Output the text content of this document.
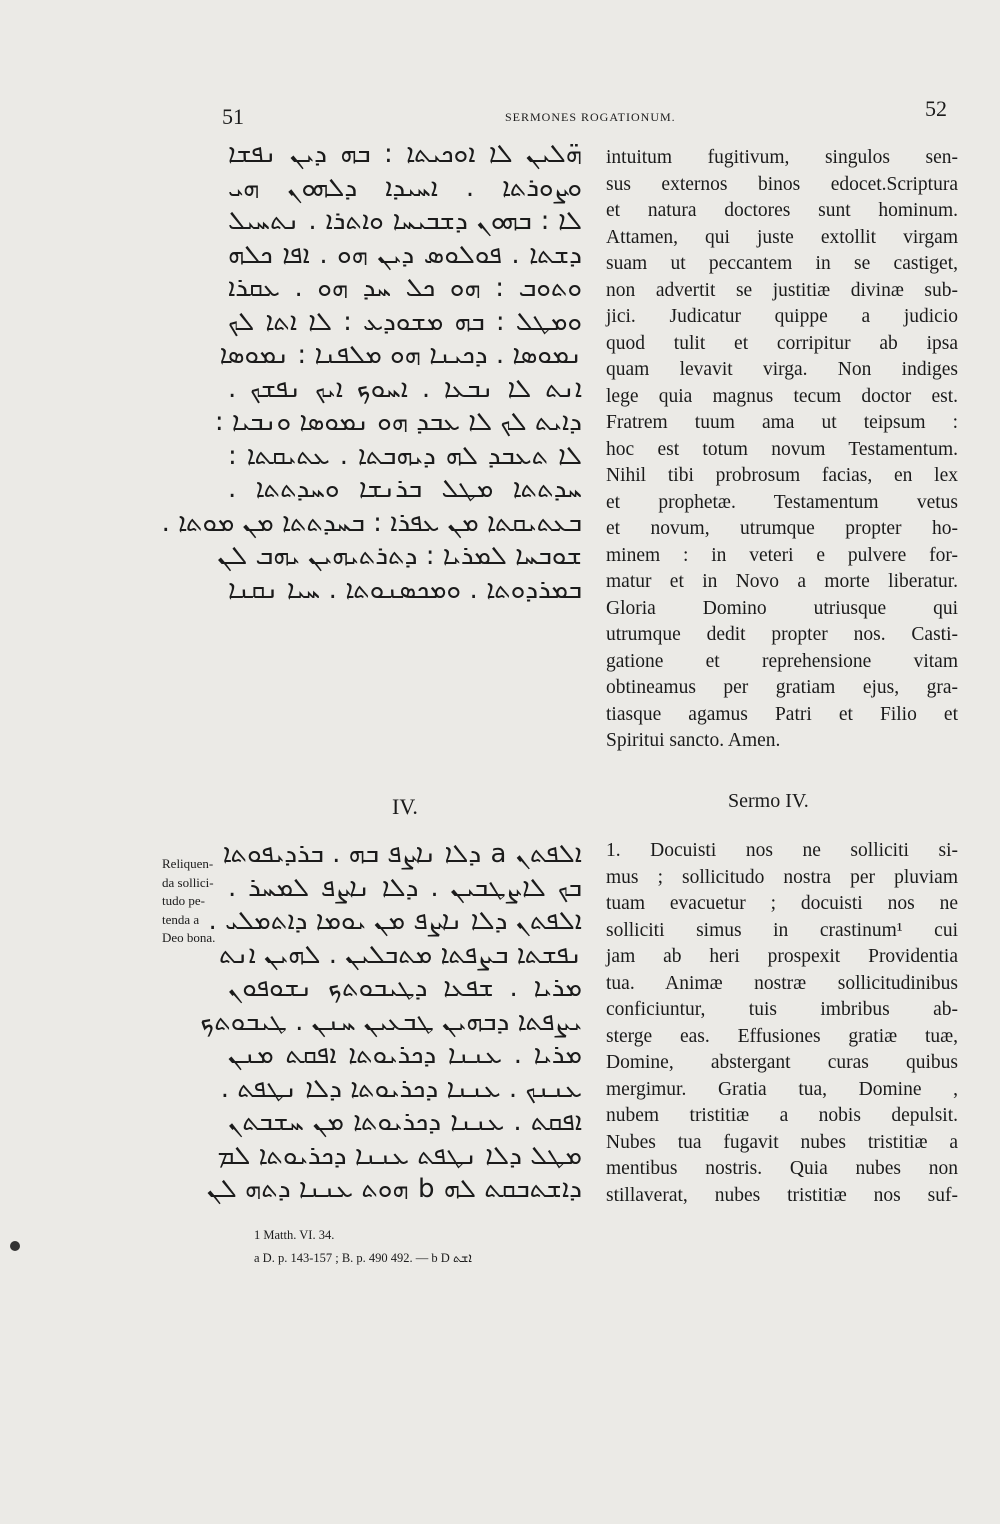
51	SERMONES ROGATIONUM.	52
ܗ̈ܠܝܢ ܠܐ ܐܘܟܝܬܐ : ܒܗ ܕܝܢ ܢܦܫܐ
ܘܨܘܪܬܐ . ܐܚܝܕܐ ܕܠܗܘܢ ܗܝ
ܠܐ : ܒܗܘܢ ܕܫܒܝܚܐ ܘܐܬܪܐ . ܢܬܚܝܠ
ܕܫܬܐ . ܦܘܠܘܣ ܕܝܢ ܗܘ . ܐܦܐ ܟܠܗ
ܘܬܘܒ : ܗܘ ܟܠ ܚܕ ܗܘ . ܥܩܪܐ
ܘܡܛܠ : ܒܗ ܡܫܘܕܥ : ܠܐ ܐܬܐ ܠܟ
ܢܡܘܣܐ . ܕܟܝܢܐ ܗܘ ܡܠܦܢܐ : ܢܡܘܣܐ
ܐܢܬ ܠܐ ܢܒܥܐ . ܐܚܘܟ ܐܝܟ ܢܦܫܟ .
ܕܐܝܬ ܠܟ ܠܐ ܥܒܕ ܗܘ ܢܡܘܣܐ ܘܢܒܝܐ :
ܠܐ ܬܥܒܕ ܠܗ ܕܝܗܒܬܐ . ܥܬܝܩܬܐ :
ܚܕܬܬܐ ܡܛܠ ܒܪܢܫܐ ܘܚܕܬܬܐ .
ܒܥܬܝܩܬܐ ܡܢ ܥܦܪܐ : ܒܚܕܬܬܐ ܡܢ ܡܘܬܐ .
ܫܘܒܚܐ ܠܡܪܝܐ : ܕܬܪܬܝܗܝܢ ܝܗܒ ܠܢ
ܒܡܪܕܘܬܐ . ܘܡܟܣܢܘܬܐ . ܚܝܐ ܢܩܢܐ
IV.
Reliquen-
da sollici-
tudo pe-
tenda a
Deo bona.
ܐܠܦܬܢ a ܕܠܐ ܢܐܨܦ ܒܗ . ܒܪܕܝܦܘܬܐ
ܒܟ ܠܐܨܛܒܝܢ . ܕܠܐ ܢܐܨܦ ܠܡܚܪ .
ܐܠܦܬܢ ܕܠܐ ܢܐܨܦ ܡܢ ܝܘܡܐ ܕܐܬܡܠܝ .
ܢܦܫܬܐ ܒܨܦܬܐ ܡܬܒܠܝܢ . ܠܗܝܢ ܐܢܬ
ܡܪܝܐ . ܫܦܥܐ ܕܛܝܒܘܬܟ ܢܫܘܦܘܢ
ܝܨܦܬܐ ܕܒܗܝܢ ܛܒܥܝܢ ܚܢܢ . ܛܝܒܘܬܟ
ܡܪܝܐ . ܥܢܢܐ ܕܟܪܝܘܬܐ ܐܦܩܬ ܡܢܢ
ܥܢܢܟ . ܥܢܢܐ ܕܟܪܝܘܬܐ ܕܠܐ ܢܛܦܬ .
ܐܦܩܬ . ܥܢܢܐ ܕܟܪܝܘܬܐ ܡܢ ܚܫܒܬܢ
ܡܛܠ ܕܠܐ ܢܛܦܬ ܥܢܢܐ ܕܟܪܝܘܬܐ ܠܡ
ܕܐܫܬܒܩܬ ܠܗ b ܗܘܬ ܥܢܢܐ ܕܬܗ ܠܢ
1 Matth. VI. 34.
a D. p. 143-157 ; B. p. 490 492. — b D ܐܫܬ
intuitum fugitivum, singulos sen-
sus externos binos edocet.Scriptura
et natura doctores sunt hominum.
Attamen, qui juste extollit virgam
suam ut peccantem in se castiget,
non advertit se justitiæ divinæ sub-
jici. Judicatur quippe a judicio
quod tulit et corripitur ab ipsa
quam levavit virga. Non indiges
lege quia magnus tecum doctor est.
Fratrem tuum ama ut teipsum :
hoc est totum novum Testamentum.
Nihil tibi probrosum facias, en lex
et prophetæ. Testamentum vetus
et novum, utrumque propter ho-
minem : in veteri e pulvere for-
matur et in Novo a morte liberatur.
Gloria Domino utriusque qui
utrumque dedit propter nos. Casti-
gatione et reprehensione vitam
obtineamus per gratiam ejus, gra-
tiasque agamus Patri et Filio et
Spiritui sancto. Amen.
Sermo IV.
1. Docuisti nos ne solliciti si-
mus ; sollicitudo nostra per pluviam
tuam evacuetur ; docuisti nos ne
solliciti simus in crastinum¹ cui
jam ab heri prospexit Providentia
tua. Animæ nostræ sollicitudinibus
conficiuntur, tuis imbribus ab-
sterge eas. Effusiones gratiæ tuæ,
Domine, abstergant curas quibus
mergimur. Gratia tua, Domine ,
nubem tristitiæ a nobis depulsit.
Nubes tua fugavit nubes tristitiæ a
mentibus nostris. Quia nubes non
stillaverat, nubes tristitiæ nos suf-
